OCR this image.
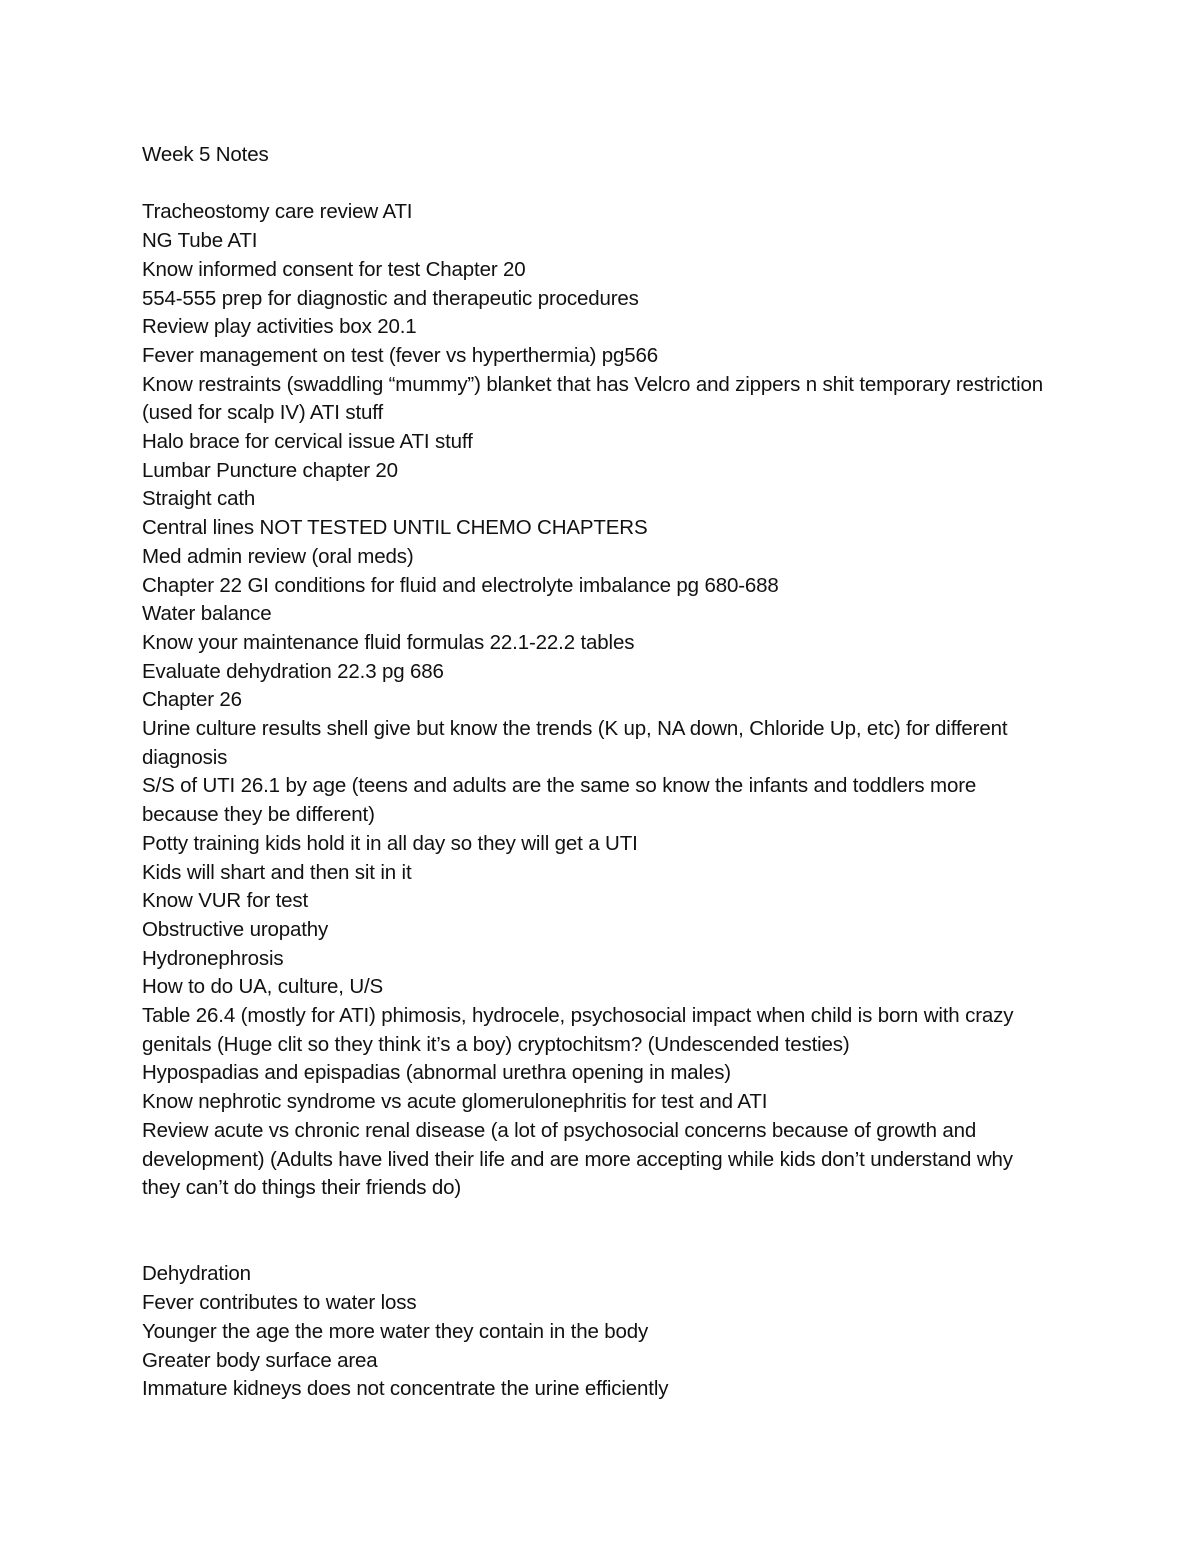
Week 5 Notes

Tracheostomy care review ATI

NG Tube ATI

Know informed consent for test Chapter 20

554-555 prep for diagnostic and therapeutic procedures

Review play activities box 20.1

Fever management on test (fever vs hyperthermia) pg566

Know restraints (swaddling “mummy”) blanket that has Velcro and zippers n shit temporary restriction (used for scalp IV) ATI stuff

Halo brace for cervical issue ATI stuff

Lumbar Puncture chapter 20

Straight cath

Central lines NOT TESTED UNTIL CHEMO CHAPTERS

Med admin review (oral meds)

Chapter 22 GI conditions for fluid and electrolyte imbalance pg 680-688

Water balance

Know your maintenance fluid formulas 22.1-22.2 tables

Evaluate dehydration 22.3 pg 686

Chapter 26

Urine culture results shell give but know the trends (K up, NA down, Chloride Up, etc) for different diagnosis

S/S of UTI 26.1 by age (teens and adults are the same so know the infants and toddlers more because they be different)

Potty training kids hold it in all day so they will get a UTI

Kids will shart and then sit in it

Know VUR for test

Obstructive uropathy

Hydronephrosis

How to do UA, culture, U/S

Table 26.4 (mostly for ATI) phimosis, hydrocele, psychosocial impact when child is born with crazy genitals (Huge clit so they think it’s a boy) cryptochitsm? (Undescended testies)

Hypospadias and epispadias (abnormal urethra opening in males)

Know nephrotic syndrome vs acute glomerulonephritis for test and ATI

Review acute vs chronic renal disease (a lot of psychosocial concerns because of growth and development) (Adults have lived their life and are more accepting while kids don’t understand why they can’t do things their friends do)

Dehydration

Fever contributes to water loss

Younger the age the more water they contain in the body

Greater body surface area

Immature kidneys does not concentrate the urine efficiently
